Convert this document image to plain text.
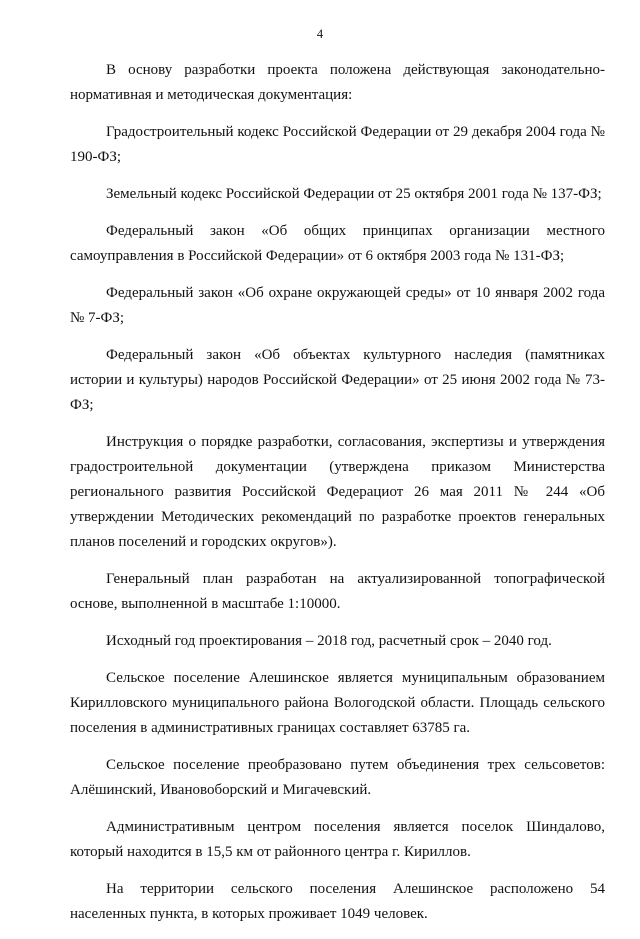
4

В основу разработки проекта положена действующая законодательно-нормативная и методическая документация:

Градостроительный кодекс Российской Федерации от 29 декабря 2004 года № 190-ФЗ;

Земельный кодекс Российской Федерации от 25 октября 2001 года № 137-ФЗ;

Федеральный закон «Об общих принципах организации местного самоуправления в Российской Федерации» от 6 октября 2003 года № 131-ФЗ;

Федеральный закон «Об охране окружающей среды» от 10 января 2002 года № 7-ФЗ;

Федеральный закон «Об объектах культурного наследия (памятниках истории и культуры) народов Российской Федерации» от 25 июня 2002 года № 73-ФЗ;

Инструкция о порядке разработки, согласования, экспертизы и утверждения градостроительной документации (утверждена приказом Министерства регионального развития Российской Федерациот 26 мая 2011 № 244 «Об утверждении Методических рекомендаций по разработке проектов генеральных планов поселений и городских округов»).

Генеральный план разработан на актуализированной топографической основе, выполненной в масштабе 1:10000.

Исходный год проектирования – 2018 год, расчетный срок – 2040 год.

Сельское поселение Алешинское является муниципальным образованием Кирилловского муниципального района Вологодской области. Площадь сельского поселения в административных границах составляет 63785 га.

Сельское поселение преобразовано путем объединения трех сельсоветов: Алёшинский, Ивановоборский и Мигачевский.

Административным центром поселения является поселок Шиндалово, который находится в 15,5 км от районного центра г. Кириллов.

На территории сельского поселения Алешинское расположено 54 населенных пункта, в которых проживает 1049 человек.
